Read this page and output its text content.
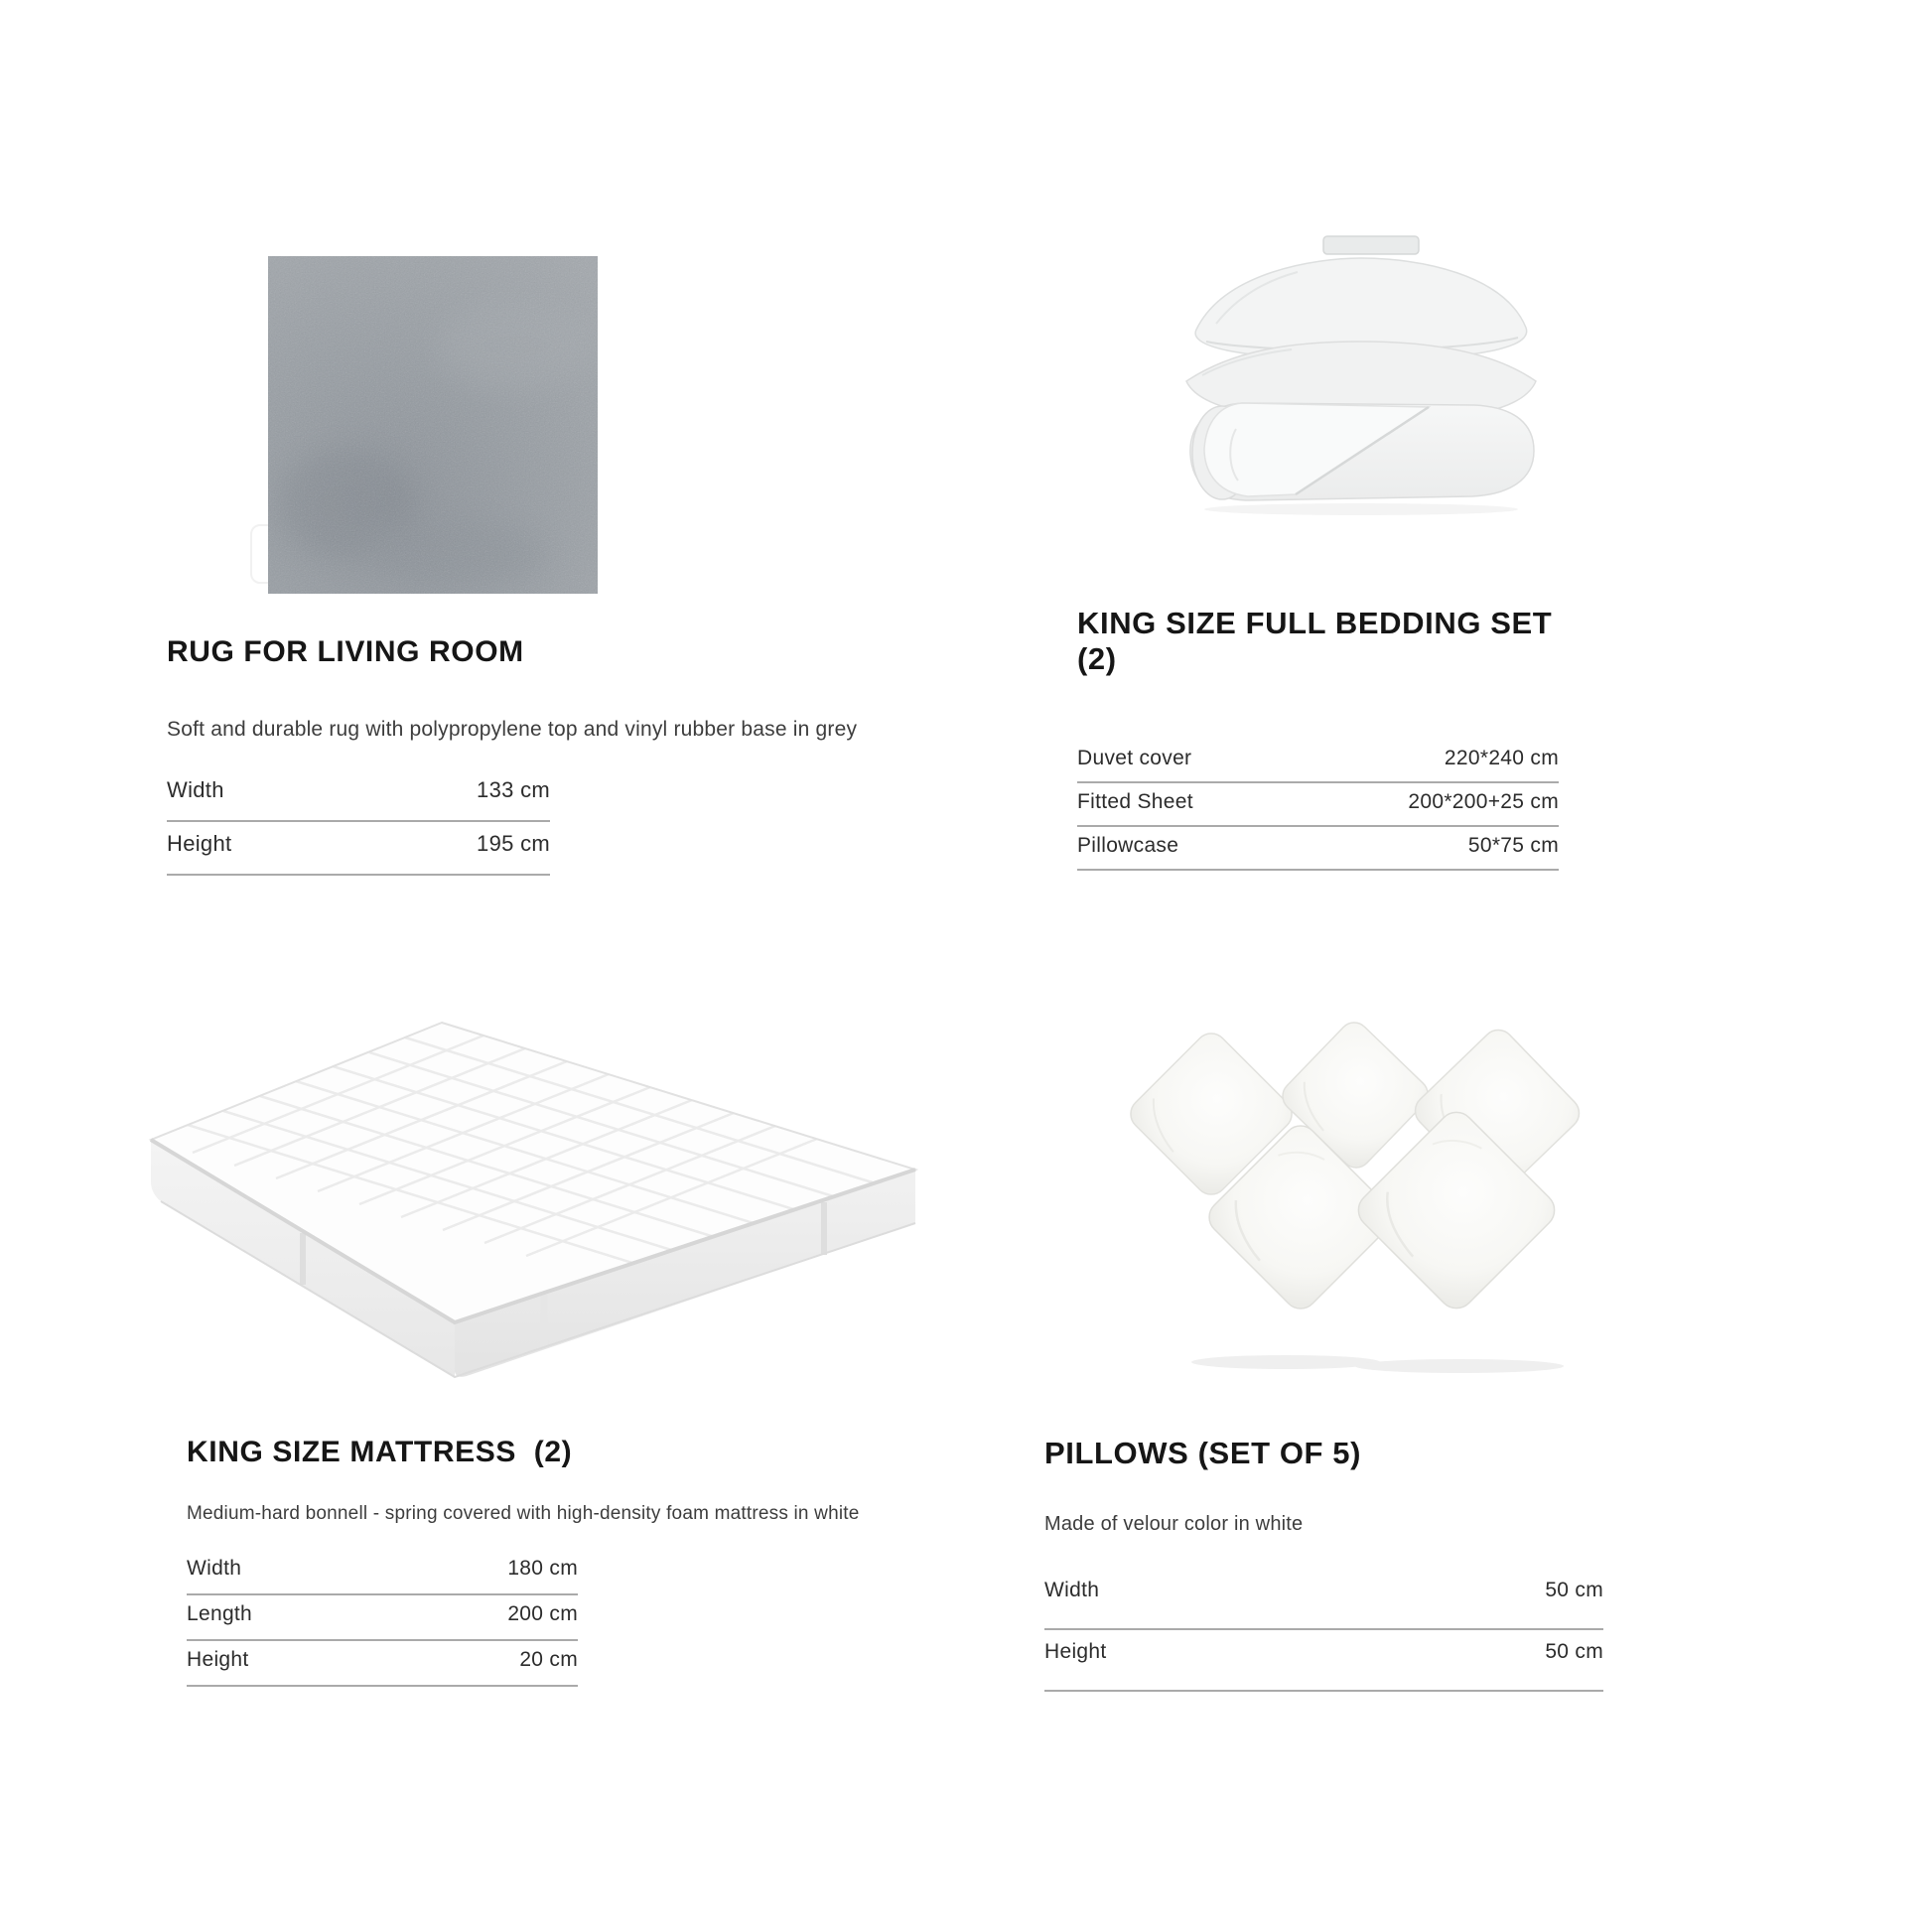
RUG FOR LIVING ROOM
Soft and durable rug with polypropylene top and vinyl rubber base in grey
Width	133 cm
Height	195 cm
KING SIZE FULL BEDDING SET (2)
Duvet cover	220*240 cm
Fitted Sheet	200*200+25 cm
Pillowcase	50*75 cm
KING SIZE MATTRESS  (2)
Medium-hard bonnell - spring covered with high-density foam mattress in white
Width	180 cm
Length	200 cm
Height	20 cm
PILLOWS (SET OF 5)
Made of velour color in white
Width	50 cm
Height	50 cm
